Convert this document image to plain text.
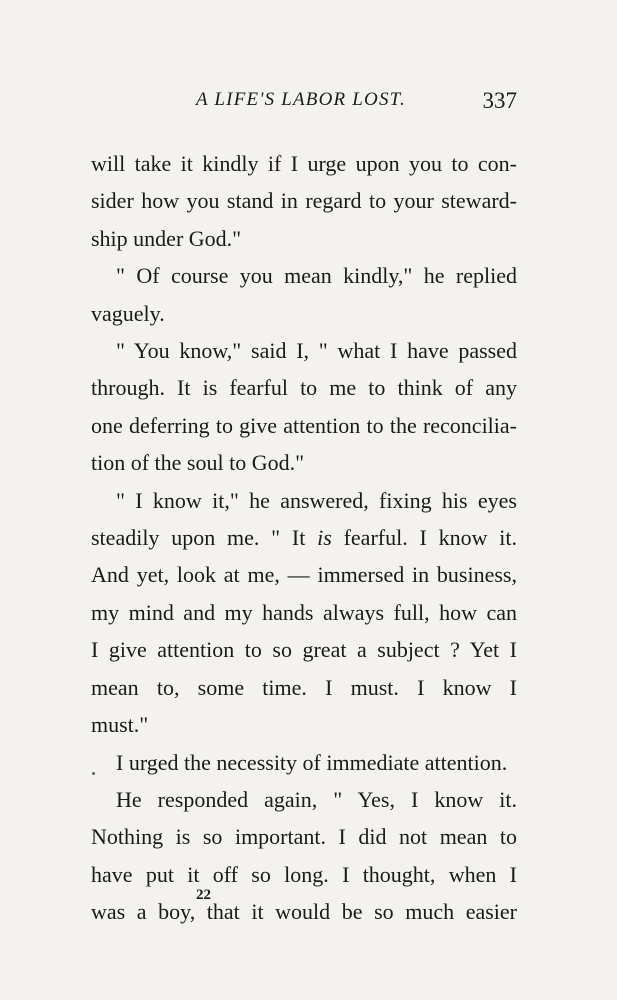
A LIFE'S LABOR LOST.	337
will take it kindly if I urge upon you to con-
sider how you stand in regard to your steward-
ship under God."
" Of course you mean kindly," he replied
vaguely.
" You know," said I, " what I have passed
through. It is fearful to me to think of any
one deferring to give attention to the reconcilia-
tion of the soul to God."
" I know it," he answered, fixing his eyes
steadily upon me. " It is fearful. I know it.
And yet, look at me, — immersed in business,
my mind and my hands always full, how can
I give attention to so great a subject ? Yet I
mean to, some time. I must. I know I
must."
I urged the necessity of immediate attention.
He responded again, " Yes, I know it.
Nothing is so important. I did not mean to
have put it off so long. I thought, when I
was a boy, that it would be so much easier
22
